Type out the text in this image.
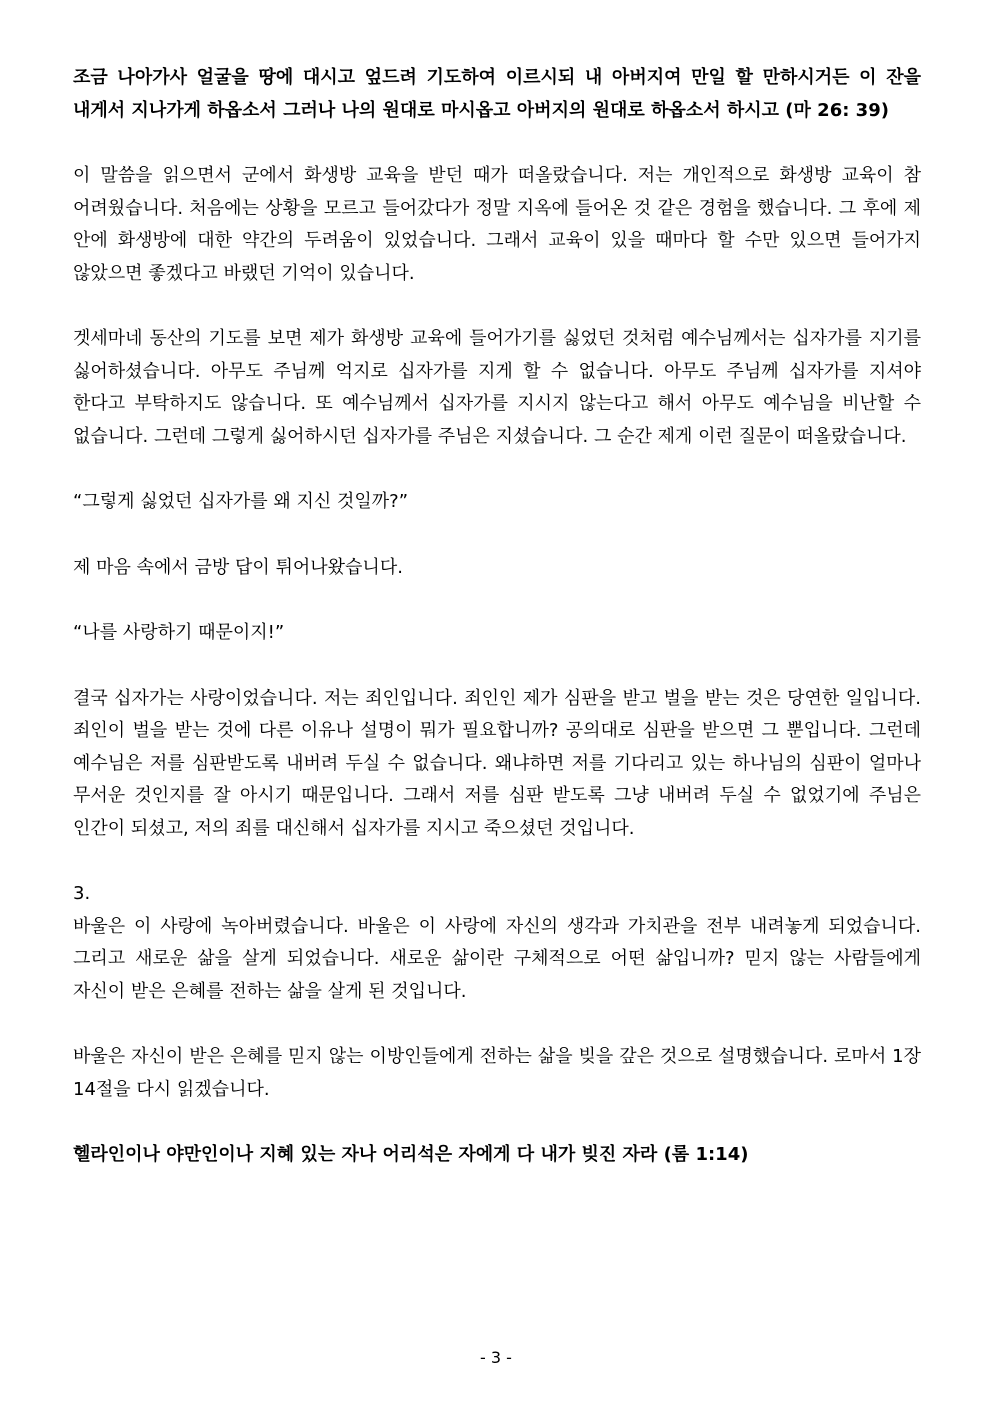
조금 나아가사 얼굴을 땅에 대시고 엎드려 기도하여 이르시되 내 아버지여 만일 할 만하시거든 이 잔을 내게서 지나가게 하옵소서 그러나 나의 원대로 마시옵고 아버지의 원대로 하옵소서 하시고 (마 26: 39)

이 말씀을 읽으면서 군에서 화생방 교육을 받던 때가 떠올랐습니다. 저는 개인적으로 화생방 교육이 참 어려웠습니다. 처음에는 상황을 모르고 들어갔다가 정말 지옥에 들어온 것 같은 경험을 했습니다. 그 후에 제 안에 화생방에 대한 약간의 두려움이 있었습니다. 그래서 교육이 있을 때마다 할 수만 있으면 들어가지 않았으면 좋겠다고 바랬던 기억이 있습니다.

겟세마네 동산의 기도를 보면 제가 화생방 교육에 들어가기를 싫었던 것처럼 예수님께서는 십자가를 지기를 싫어하셨습니다. 아무도 주님께 억지로 십자가를 지게 할 수 없습니다. 아무도 주님께 십자가를 지셔야 한다고 부탁하지도 않습니다. 또 예수님께서 십자가를 지시지 않는다고 해서 아무도 예수님을 비난할 수 없습니다. 그런데 그렇게 싫어하시던 십자가를 주님은 지셨습니다. 그 순간 제게 이런 질문이 떠올랐습니다.

“그렇게 싫었던 십자가를 왜 지신 것일까?”

제 마음 속에서 금방 답이 튀어나왔습니다.

“나를 사랑하기 때문이지!”

결국 십자가는 사랑이었습니다. 저는 죄인입니다. 죄인인 제가 심판을 받고 벌을 받는 것은 당연한 일입니다. 죄인이 벌을 받는 것에 다른 이유나 설명이 뭐가 필요합니까? 공의대로 심판을 받으면 그 뿐입니다. 그런데 예수님은 저를 심판받도록 내버려 두실 수 없습니다. 왜냐하면 저를 기다리고 있는 하나님의 심판이 얼마나 무서운 것인지를 잘 아시기 때문입니다. 그래서 저를 심판 받도록 그냥 내버려 두실 수 없었기에 주님은 인간이 되셨고, 저의 죄를 대신해서 십자가를 지시고 죽으셨던 것입니다.

3.

바울은 이 사랑에 녹아버렸습니다. 바울은 이 사랑에 자신의 생각과 가치관을 전부 내려놓게 되었습니다. 그리고 새로운 삶을 살게 되었습니다. 새로운 삶이란 구체적으로 어떤 삶입니까? 믿지 않는 사람들에게 자신이 받은 은혜를 전하는 삶을 살게 된 것입니다.

바울은 자신이 받은 은혜를 믿지 않는 이방인들에게 전하는 삶을 빚을 갚은 것으로 설명했습니다. 로마서 1장 14절을 다시 읽겠습니다.

헬라인이나 야만인이나 지혜 있는 자나 어리석은 자에게 다 내가 빚진 자라 (롬 1:14)

- 3 -
